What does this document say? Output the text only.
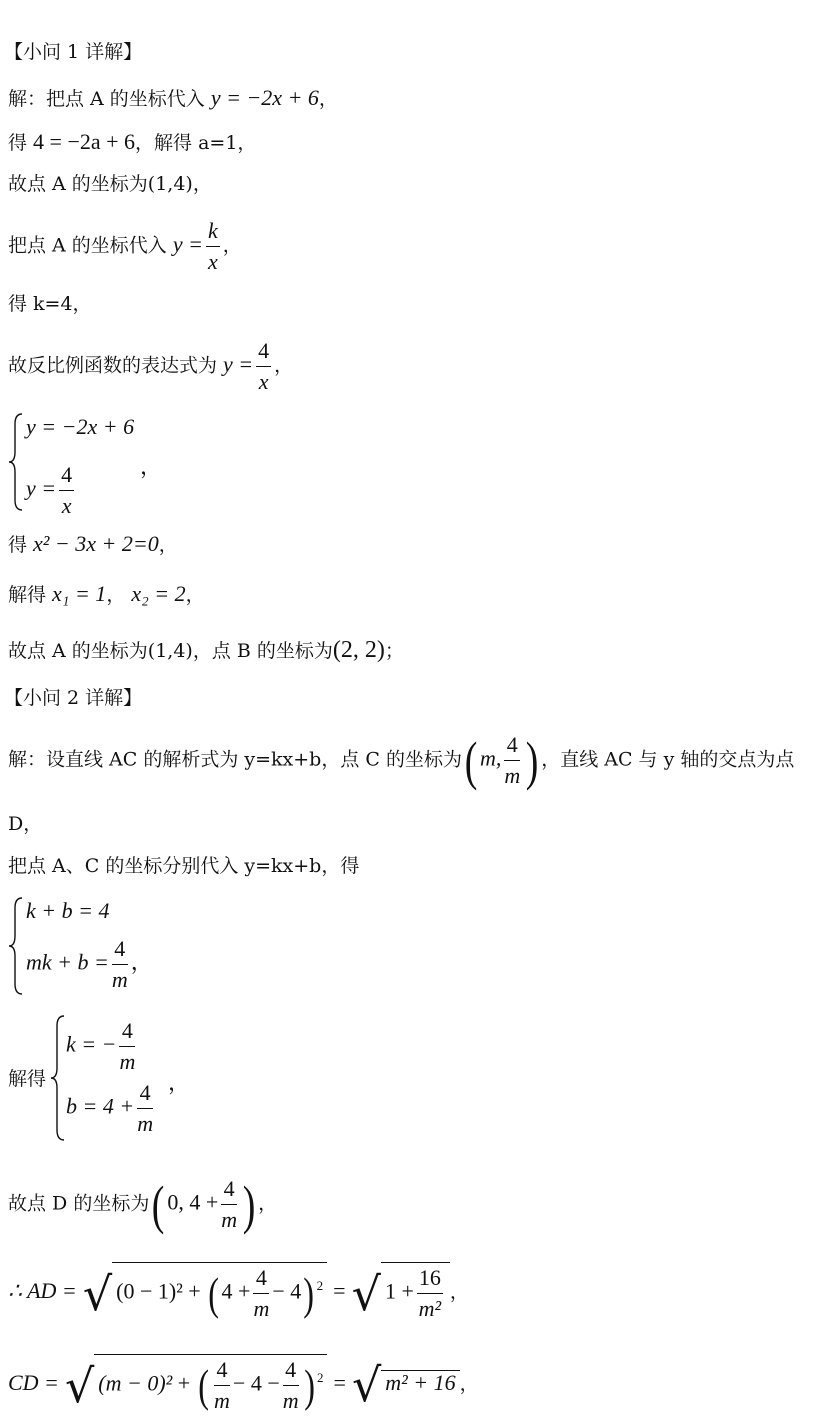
【小问 1 详解】
解：把点 A 的坐标代入 y = −2x + 6，
得 4 = −2a + 6，解得 a=1，
故点 A 的坐标为(1,4)，
把点 A 的坐标代入 $y = \frac{k}{x}$ ，
得 k=4，
故反比例函数的表达式为 $y = \frac{4}{x}$ ，
y = −2x + 6
$y = \frac{4}{x}$	，
得 x² − 3x + 2=0，
解得 x₁ = 1， x₂ = 2，
故点 A 的坐标为(1,4)，点 B 的坐标为(2, 2)；
【小问 2 详解】
解：设直线 AC 的解析式为 y=kx+b，点 C 的坐标为( m, $\frac{4}{m}$ ) ，直线 AC 与 y 轴的交点为点
D，
把点 A、C 的坐标分别代入 y=kx+b，得
k + b = 4
mk + $b = \frac{4}{m}$ ，
解得
k = − $\frac{4}{m}$
$b = 4 + \frac{4}{m}$ ，
故点 D 的坐标为( 0, $4 + \frac{4}{m}$ ) ，
∴ AD = √ (0 − 1)² + ( $4 + \frac{4}{m} - 4$) $^2$ = √ $1 + \frac{16}{\text{m²}}$ ，
CD = √ (m − 0)² + ( $\frac{4}{m} - 4 - \frac{4}{m}$ ) $^2$ = √ m² + 16 ，
